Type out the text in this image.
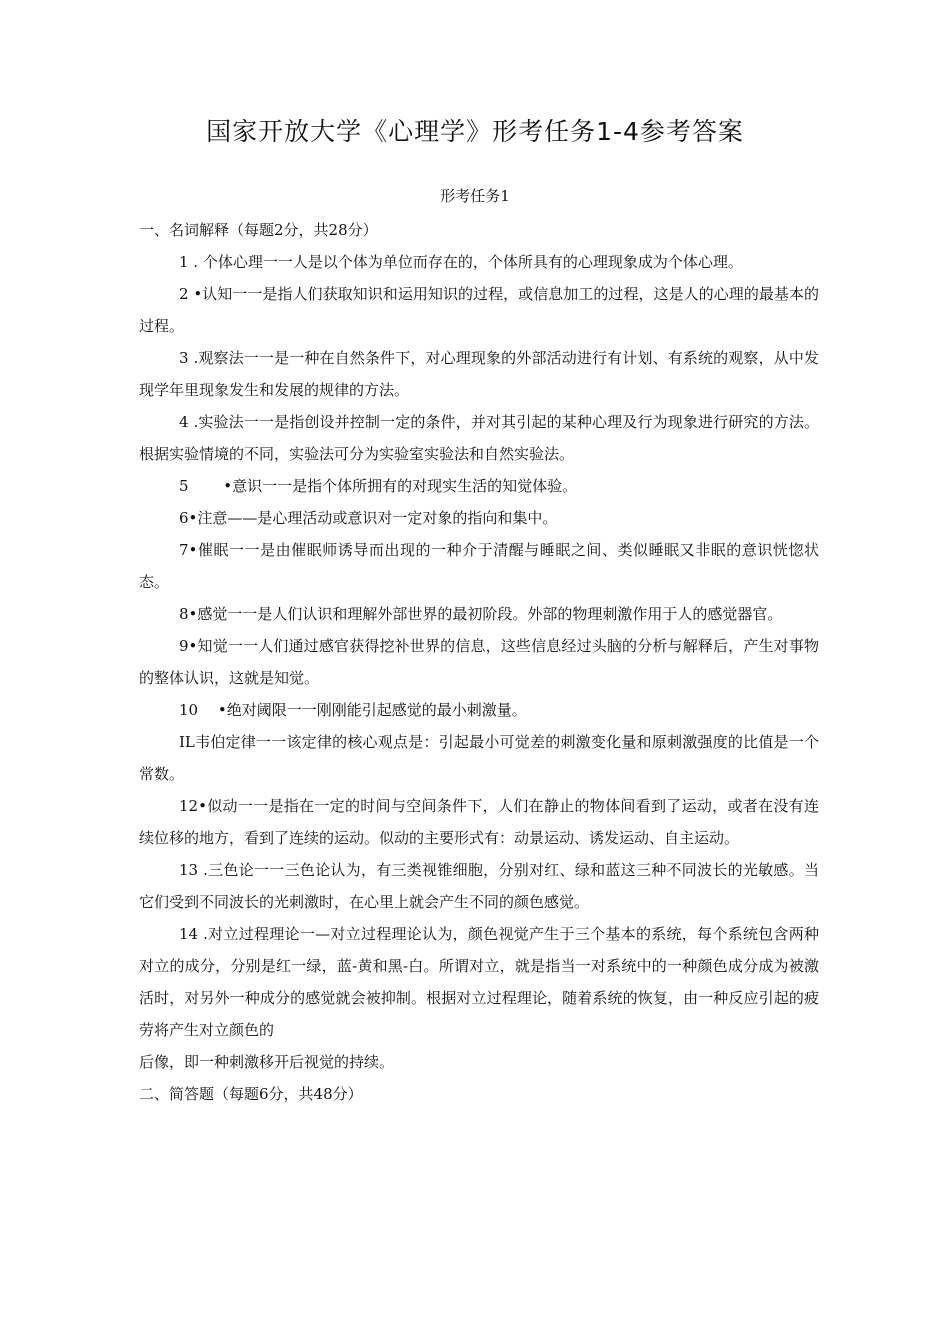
国家开放大学《心理学》形考任务1-4参考答案
形考任务1

一、名词解释（每题2分，共28分）

1 . 个体心理一一人是以个体为单位而存在的，个体所具有的心理现象成为个体心理。

2 •认知一一是指人们获取知识和运用知识的过程，或信息加工的过程，这是人的心理的最基本的过程。

3 .观察法一一是一种在自然条件下，对心理现象的外部活动进行有计划、有系统的观察，从中发现学年里现象发生和发展的规律的方法。

4 .实验法一一是指创设并控制一定的条件，并对其引起的某种心理及行为现象进行研究的方法。根据实验情境的不同，实验法可分为实验室实验法和自然实验法。

5 　　•意识一一是指个体所拥有的对现实生活的知觉体验。

6•注意——是心理活动或意识对一定对象的指向和集中。

7•催眠一一是由催眠师诱导而出现的一种介于清醒与睡眠之间、类似睡眠又非眠的意识恍惚状态。

8•感觉一一是人们认识和理解外部世界的最初阶段。外部的物理刺激作用于人的感觉器官。

9•知觉一一人们通过感官获得挖补世界的信息，这些信息经过头脑的分析与解释后，产生对事物的整体认识，这就是知觉。

10 　•绝对阈限一一刚刚能引起感觉的最小刺激量。

IL韦伯定律一一该定律的核心观点是：引起最小可觉差的刺激变化量和原刺激强度的比值是一个常数。

12•似动一一是指在一定的时间与空间条件下，人们在静止的物体间看到了运动，或者在没有连续位移的地方，看到了连续的运动。似动的主要形式有：动景运动、诱发运动、自主运动。

13 .三色论一一三色论认为，有三类视锥细胞，分别对红、绿和蓝这三种不同波长的光敏感。当它们受到不同波长的光刺激时，在心里上就会产生不同的颜色感觉。

14 .对立过程理论一—对立过程理论认为，颜色视觉产生于三个基本的系统，每个系统包含两种对立的成分，分别是红一绿，蓝-黄和黑-白。所谓对立，就是指当一对系统中的一种颜色成分成为被激活时，对另外一种成分的感觉就会被抑制。根据对立过程理论，随着系统的恢复，由一种反应引起的疲劳将产生对立颜色的

后像，即一种刺激移开后视觉的持续。

二、简答题（每题6分，共48分）
